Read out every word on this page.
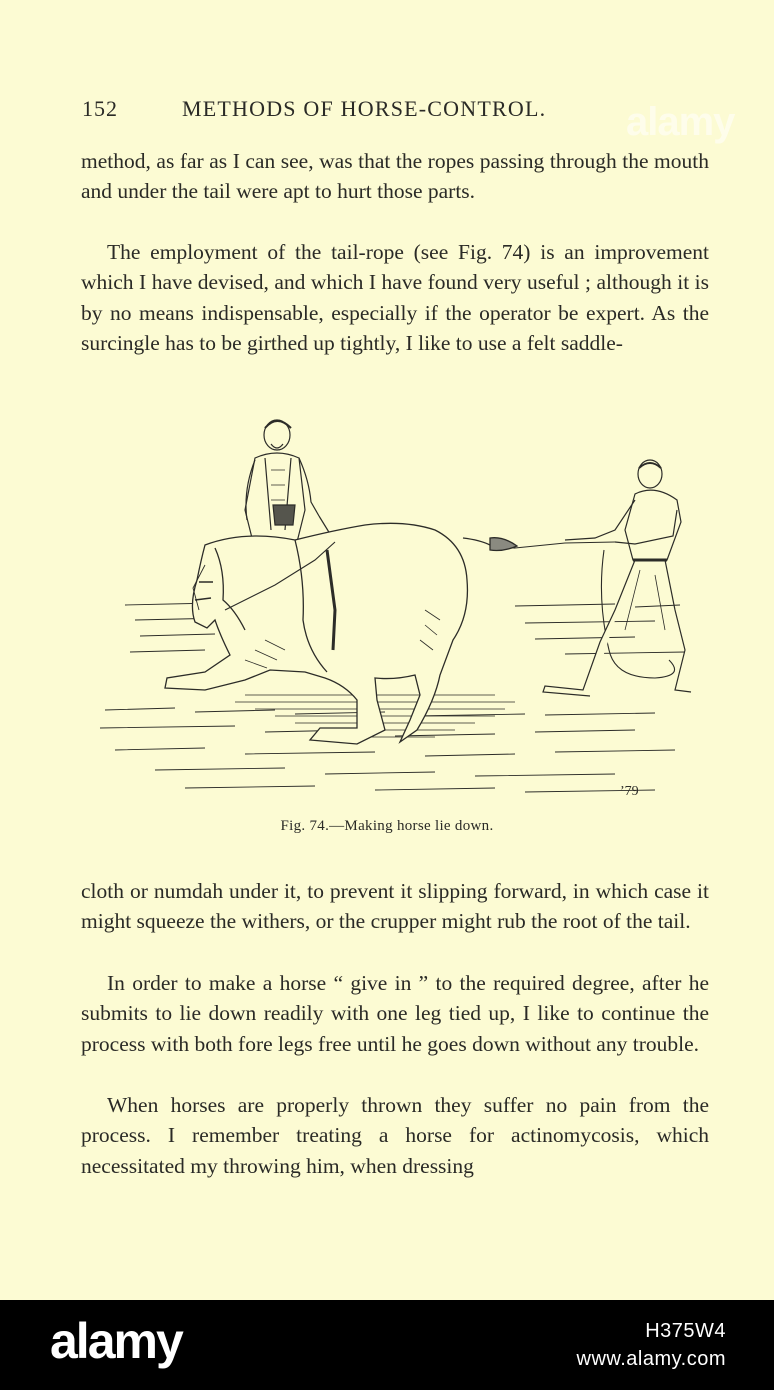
152	METHODS OF HORSE-CONTROL. alamy

method, as far as I can see, was that the ropes passing through the mouth and under the tail were apt to hurt those parts.

The employment of the tail-rope (see Fig. 74) is an improvement which I have devised, and which I have found very useful ; although it is by no means indispensable, especially if the operator be expert. As the surcingle has to be girthed up tightly, I like to use a felt saddle-

’79
Fig. 74.—Making horse lie down.

cloth or numdah under it, to prevent it slipping forward, in which case it might squeeze the withers, or the crupper might rub the root of the tail.

In order to make a horse “ give in ” to the required degree, after he submits to lie down readily with one leg tied up, I like to continue the process with both fore legs free until he goes down without any trouble.

When horses are properly thrown they suffer no pain from the process. I remember treating a horse for actinomycosis, which necessitated my throwing him, when dressing

alamy	H375W4
www.alamy.com
